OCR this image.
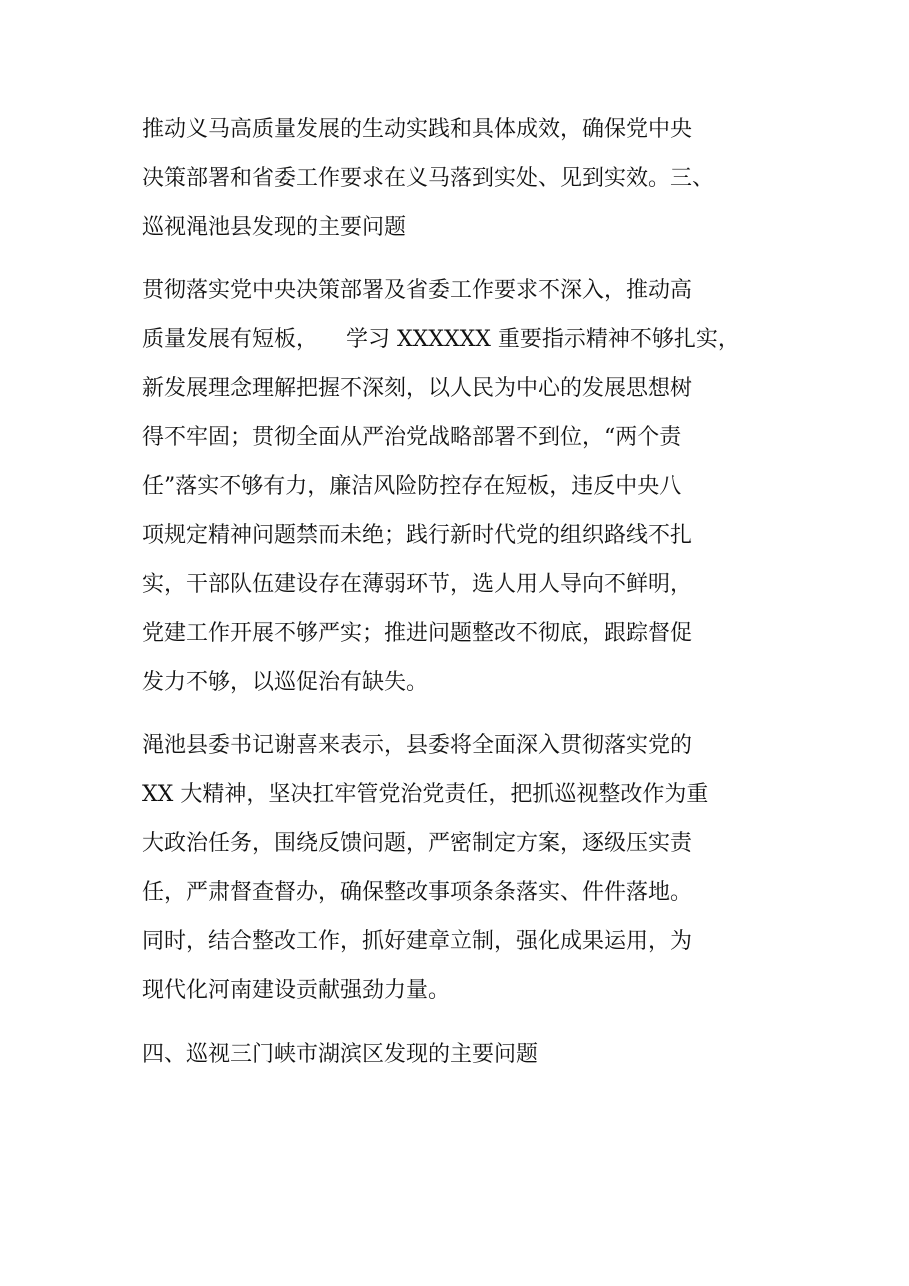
推动义马高质量发展的生动实践和具体成效，确保党中央
决策部署和省委工作要求在义马落到实处、见到实效。三、
巡视渑池县发现的主要问题

贯彻落实党中央决策部署及省委工作要求不深入，推动高
质量发展有短板，    学习 XXXXXX 重要指示精神不够扎实，
新发展理念理解把握不深刻，以人民为中心的发展思想树
得不牢固；贯彻全面从严治党战略部署不到位，“两个责
任”落实不够有力，廉洁风险防控存在短板，违反中央八
项规定精神问题禁而未绝；践行新时代党的组织路线不扎
实，干部队伍建设存在薄弱环节，选人用人导向不鲜明，
党建工作开展不够严实；推进问题整改不彻底，跟踪督促
发力不够，以巡促治有缺失。

渑池县委书记谢喜来表示，县委将全面深入贯彻落实党的
XX 大精神，坚决扛牢管党治党责任，把抓巡视整改作为重
大政治任务，围绕反馈问题，严密制定方案，逐级压实责
任，严肃督查督办，确保整改事项条条落实、件件落地。
同时，结合整改工作，抓好建章立制，强化成果运用，为
现代化河南建设贡献强劲力量。

四、巡视三门峡市湖滨区发现的主要问题
